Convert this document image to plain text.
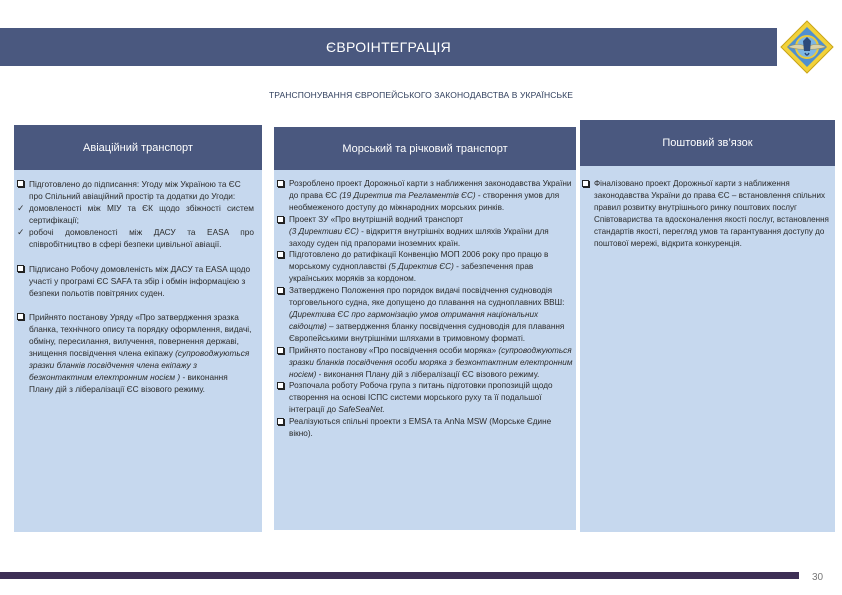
ЄВРОІНТЕГРАЦІЯ
ТРАНСПОНУВАННЯ ЄВРОПЕЙСЬКОГО ЗАКОНОДАВСТВА В УКРАЇНСЬКЕ
Авіаційний транспорт
Підготовлено до підписання: Угоду між Україною та ЄС про Спільний авіаційний простір та додатки до Угоди:
✓ домовленості між МІУ та ЄК щодо збіжності систем сертифікації;
✓ робочі домовленості між ДАСУ та EASA про співробітництво в сфері безпеки цивільної авіації.
Підписано Робочу домовленість між ДАСУ та EASA щодо участі у програмі ЄС SAFA та збір і обмін інформацією з безпеки польотів повітряних суден.
Прийнято постанову Уряду «Про затвердження зразка бланка, технічного опису та порядку оформлення, видачі, обміну, пересилання, вилучення, повернення державі, знищення посвідчення члена екіпажу (супроводжуються зразки бланків посвідчення члена екіпажу з безконтактним електронним носієм ) - виконання Плану дій з лібералізації ЄС візового режиму.
Морський та річковий транспорт
Розроблено проект Дорожньої карти з наближення законодавства України до права ЄС (19 Директив та Регламентів ЄС) - створення умов для необмеженого доступу до міжнародних морських ринків.
Проект ЗУ «Про внутрішній водний транспорт
(3 Директиви ЄС) - відкриття внутрішніх водних шляхів України для заходу суден під прапорами іноземних країн.
Підготовлено до ратифікації Конвенцію МОП 2006 року про працю в морському судноплавстві (5 Директив ЄС) - забезпечення прав українських моряків за кордоном.
Затверджено Положення про порядок видачі посвідчення судноводія торговельного судна, яке допущено до плавання на судноплавних ВВШ: (Директива ЄС про гармонізацію умов отримання національних свідоцтв) – затвердження бланку посвідчення судноводія для плавання Європейськими внутрішніми шляхами в тримовному форматі.
Прийнято постанову «Про посвідчення особи моряка» (супроводжуються зразки бланків посвідчення особи моряка з безконтактним електронним носієм) - виконання Плану дій з лібералізації ЄС візового режиму.
Розпочала роботу Робоча група з питань підготовки пропозицій щодо створення на основі ІСПС системи морського руху та її подальшої інтеграції до SafeSeaNet.
Реалізуються спільні проекти з EMSA та AnNa MSW (Морське Єдине вікно).
Поштовий зв’язок
Фіналізовано проект Дорожньої карти з наближення законодавства України до права ЄС – встановлення спільних правил розвитку внутрішнього ринку поштових послуг Співтовариства та вдосконалення якості послуг, встановлення стандартів якості, перегляд умов та гарантування доступу до поштової мережі, відкрита конкуренція.
30
